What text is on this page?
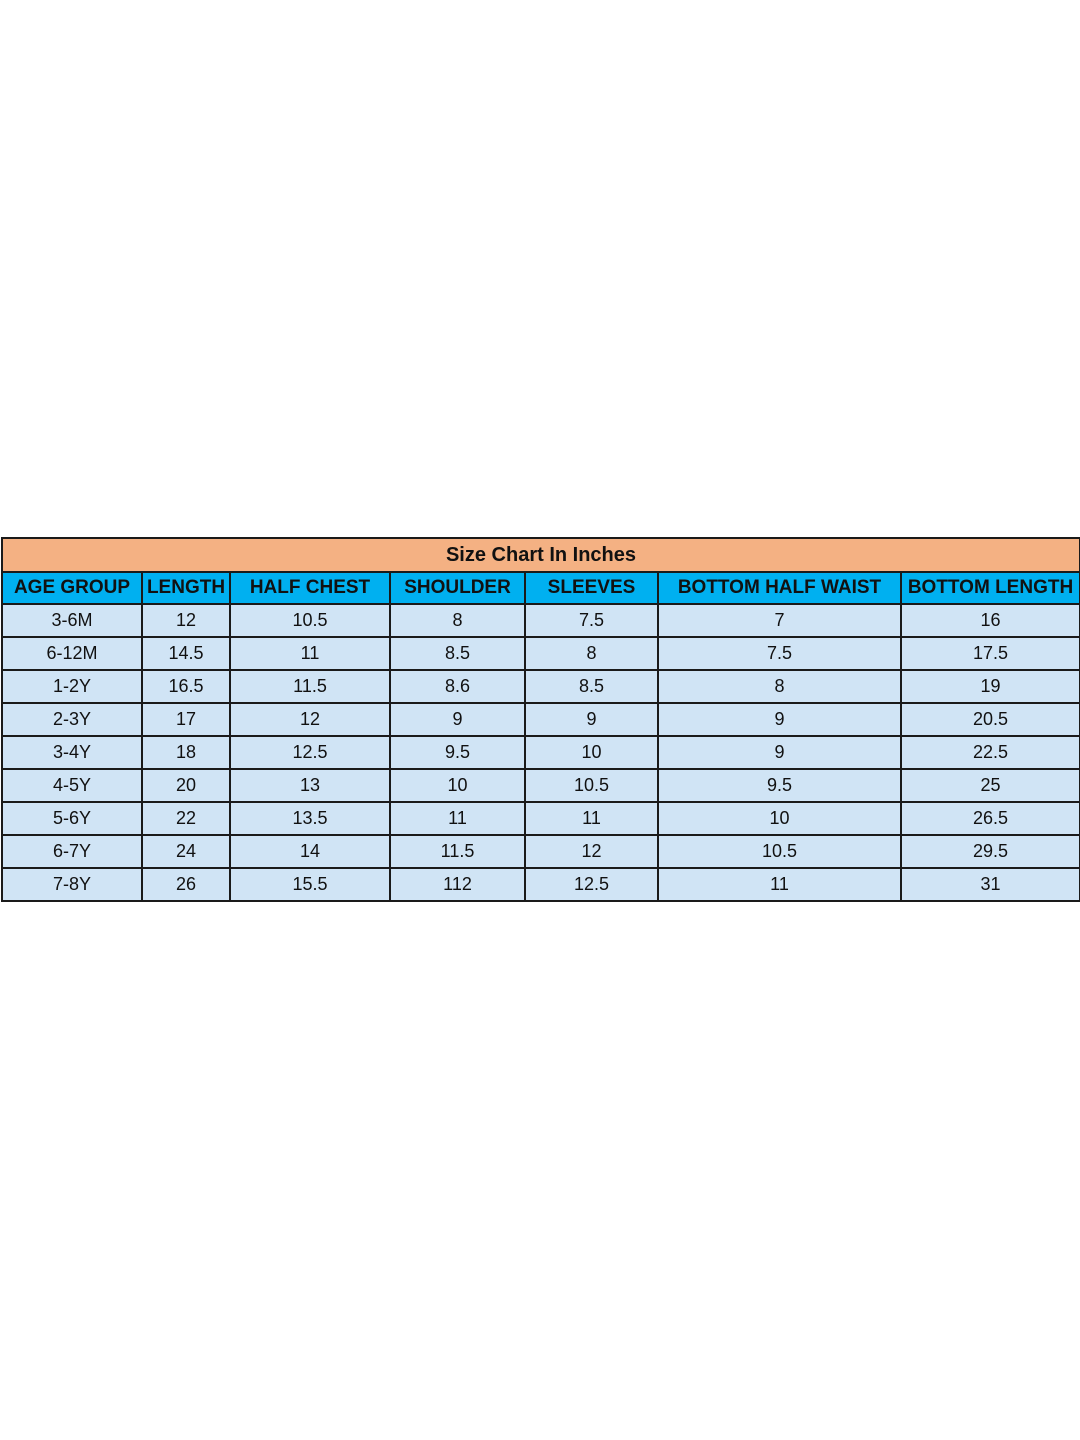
Size Chart In Inches						
AGE GROUP	LENGTH	HALF CHEST	SHOULDER	SLEEVES	BOTTOM HALF WAIST	BOTTOM LENGTH
3-6M	12	10.5	8	7.5	7	16
6-12M	14.5	11	8.5	8	7.5	17.5
1-2Y	16.5	11.5	8.6	8.5	8	19
2-3Y	17	12	9	9	9	20.5
3-4Y	18	12.5	9.5	10	9	22.5
4-5Y	20	13	10	10.5	9.5	25
5-6Y	22	13.5	11	11	10	26.5
6-7Y	24	14	11.5	12	10.5	29.5
7-8Y	26	15.5	112	12.5	11	31
